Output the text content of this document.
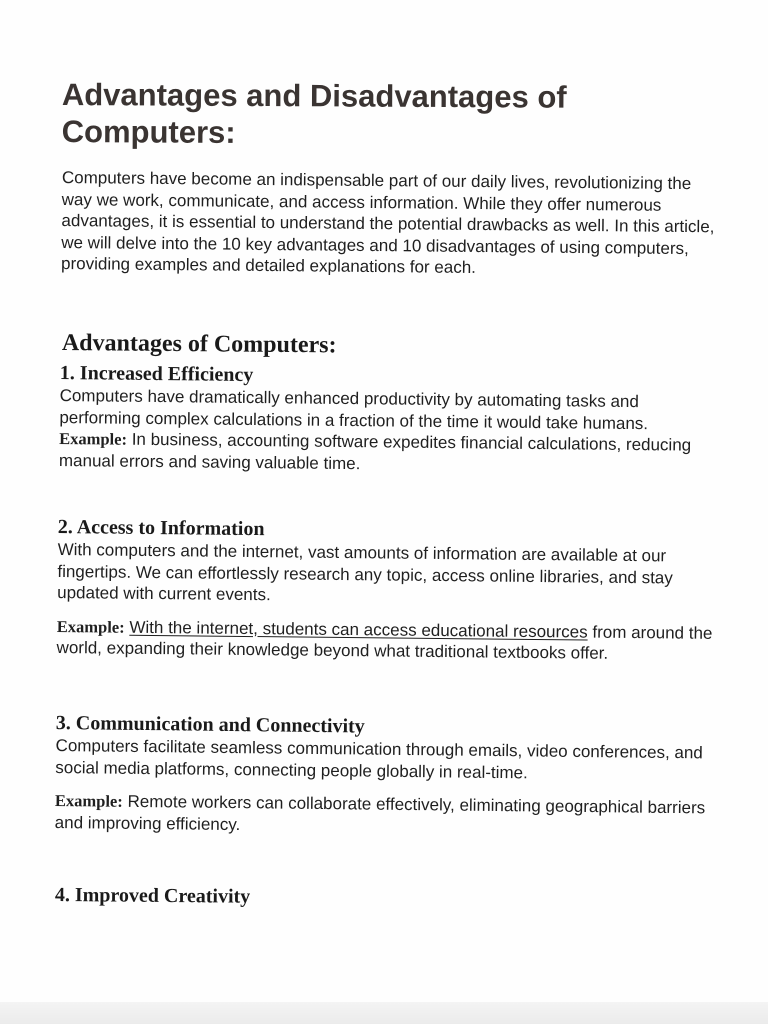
Advantages and Disadvantages of Computers:

Computers have become an indispensable part of our daily lives, revolutionizing the way we work, communicate, and access information. While they offer numerous advantages, it is essential to understand the potential drawbacks as well. In this article, we will delve into the 10 key advantages and 10 disadvantages of using computers, providing examples and detailed explanations for each.

Advantages of Computers:
1. Increased Efficiency

Computers have dramatically enhanced productivity by automating tasks and performing complex calculations in a fraction of the time it would take humans.

Example: In business, accounting software expedites financial calculations, reducing manual errors and saving valuable time.

2. Access to Information

With computers and the internet, vast amounts of information are available at our fingertips. We can effortlessly research any topic, access online libraries, and stay updated with current events.

Example: With the internet, students can access educational resources from around the world, expanding their knowledge beyond what traditional textbooks offer.

3. Communication and Connectivity

Computers facilitate seamless communication through emails, video conferences, and social media platforms, connecting people globally in real-time.

Example: Remote workers can collaborate effectively, eliminating geographical barriers and improving efficiency.

4. Improved Creativity
